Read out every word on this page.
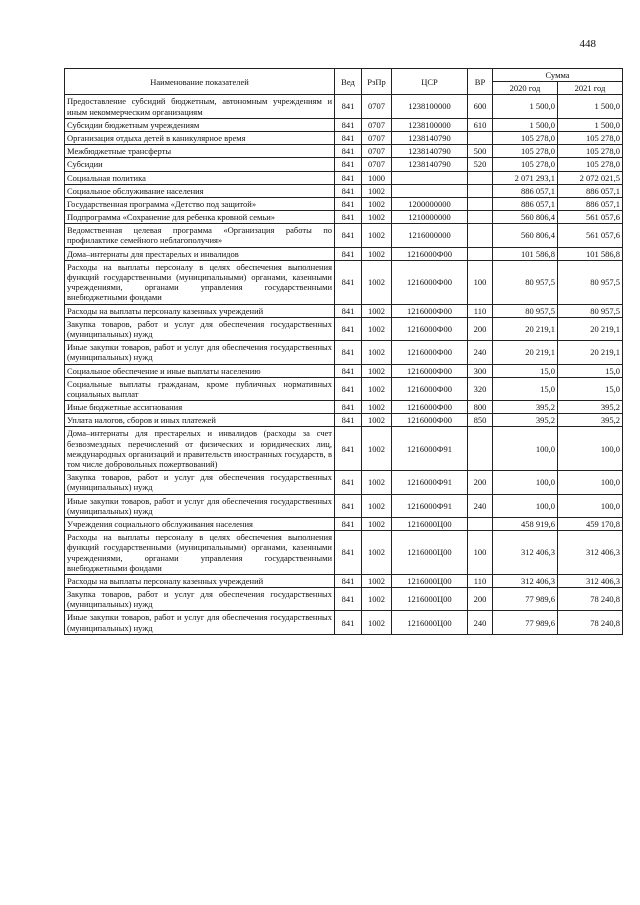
448
Наименование показателей	Вед	РзПр	ЦСР	ВР	Сумма	
					2020 год	2021 год
Предоставление субсидий бюджетным, автономным учреждениям и иным некоммерческим организациям	841	0707	1238100000	600	1 500,0	1 500,0
Субсидии бюджетным учреждениям	841	0707	1238100000	610	1 500,0	1 500,0
Организация отдыха детей в каникулярное время	841	0707	1238140790		105 278,0	105 278,0
Межбюджетные трансферты	841	0707	1238140790	500	105 278,0	105 278,0
Субсидии	841	0707	1238140790	520	105 278,0	105 278,0
Социальная политика	841	1000			2 071 293,1	2 072 021,5
Социальное обслуживание населения	841	1002			886 057,1	886 057,1
Государственная программа «Детство под защитой»	841	1002	1200000000		886 057,1	886 057,1
Подпрограмма «Сохранение для ребенка кровной семьи»	841	1002	1210000000		560 806,4	561 057,6
Ведомственная целевая программа «Организация работы по профилактике семейного неблагополучия»	841	1002	1216000000		560 806,4	561 057,6
Дома–интернаты для престарелых и инвалидов	841	1002	1216000Ф00		101 586,8	101 586,8
Расходы на выплаты персоналу в целях обеспечения выполнения функций государственными (муниципальными) органами, казенными учреждениями, органами управления государственными внебюджетными фондами	841	1002	1216000Ф00	100	80 957,5	80 957,5
Расходы на выплаты персоналу казенных учреждений	841	1002	1216000Ф00	110	80 957,5	80 957,5
Закупка товаров, работ и услуг для обеспечения государственных (муниципальных) нужд	841	1002	1216000Ф00	200	20 219,1	20 219,1
Иные закупки товаров, работ и услуг для обеспечения государственных (муниципальных) нужд	841	1002	1216000Ф00	240	20 219,1	20 219,1
Социальное обеспечение и иные выплаты населению	841	1002	1216000Ф00	300	15,0	15,0
Социальные выплаты гражданам, кроме публичных нормативных социальных выплат	841	1002	1216000Ф00	320	15,0	15,0
Иные бюджетные ассигнования	841	1002	1216000Ф00	800	395,2	395,2
Уплата налогов, сборов и иных платежей	841	1002	1216000Ф00	850	395,2	395,2
Дома–интернаты для престарелых и инвалидов (расходы за счет безвозмездных перечислений от физических и юридических лиц, международных организаций и правительств иностранных государств, в том числе добровольных пожертвований)	841	1002	1216000Ф91		100,0	100,0
Закупка товаров, работ и услуг для обеспечения государственных (муниципальных) нужд	841	1002	1216000Ф91	200	100,0	100,0
Иные закупки товаров, работ и услуг для обеспечения государственных (муниципальных) нужд	841	1002	1216000Ф91	240	100,0	100,0
Учреждения социального обслуживания населения	841	1002	1216000Ц00		458 919,6	459 170,8
Расходы на выплаты персоналу в целях обеспечения выполнения функций государственными (муниципальными) органами, казенными учреждениями, органами управления государственными внебюджетными фондами	841	1002	1216000Ц00	100	312 406,3	312 406,3
Расходы на выплаты персоналу казенных учреждений	841	1002	1216000Ц00	110	312 406,3	312 406,3
Закупка товаров, работ и услуг для обеспечения государственных (муниципальных) нужд	841	1002	1216000Ц00	200	77 989,6	78 240,8
Иные закупки товаров, работ и услуг для обеспечения государственных (муниципальных) нужд	841	1002	1216000Ц00	240	77 989,6	78 240,8
